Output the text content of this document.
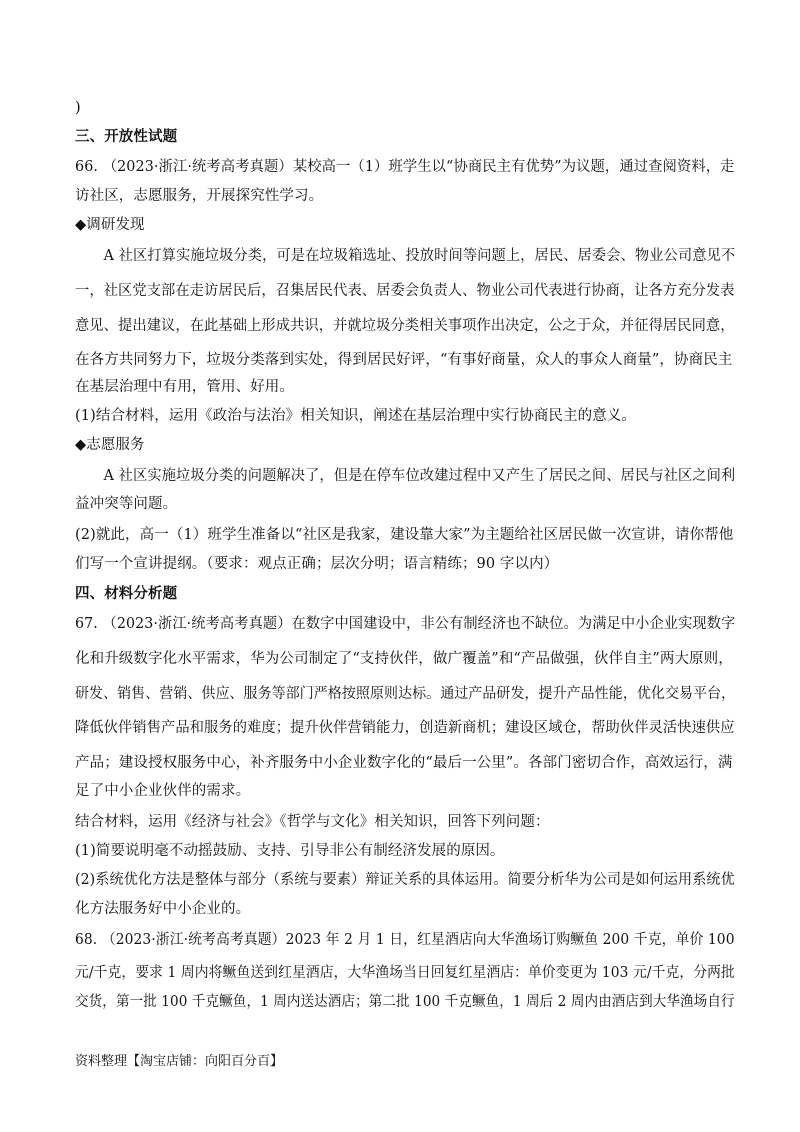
)
三、开放性试题
66. （2023·浙江·统考高考真题）某校高一（1）班学生以“协商民主有优势”为议题，通过查阅资料，走
访社区，志愿服务，开展探究性学习。
◆调研发现
　　A 社区打算实施垃圾分类，可是在垃圾箱选址、投放时间等问题上，居民、居委会、物业公司意见不
一，社区党支部在走访居民后，召集居民代表、居委会负责人、物业公司代表进行协商，让各方充分发表
意见、提出建议，在此基础上形成共识，并就垃圾分类相关事项作出决定，公之于众，并征得居民同意，
在各方共同努力下，垃圾分类落到实处，得到居民好评，“有事好商量，众人的事众人商量”，协商民主
在基层治理中有用，管用、好用。
(1)结合材料，运用《政治与法治》相关知识，阐述在基层治理中实行协商民主的意义。
◆志愿服务
　　A 社区实施垃圾分类的问题解决了，但是在停车位改建过程中又产生了居民之间、居民与社区之间利
益冲突等问题。
(2)就此，高一（1）班学生准备以“社区是我家，建设靠大家”为主题给社区居民做一次宣讲，请你帮他
们写一个宣讲提纲。（要求：观点正确；层次分明；语言精练；90 字以内）
四、材料分析题
67. （2023·浙江·统考高考真题）在数字中国建设中，非公有制经济也不缺位。为满足中小企业实现数字
化和升级数字化水平需求，华为公司制定了“支持伙伴，做广覆盖”和“产品做强，伙伴自主”两大原则，
研发、销售、营销、供应、服务等部门严格按照原则达标。通过产品研发，提升产品性能，优化交易平台，
降低伙伴销售产品和服务的难度；提升伙伴营销能力，创造新商机；建设区域仓，帮助伙伴灵活快速供应
产品；建设授权服务中心，补齐服务中小企业数字化的“最后一公里”。各部门密切合作，高效运行，满
足了中小企业伙伴的需求。
结合材料，运用《经济与社会》《哲学与文化》相关知识，回答下列问题：
(1)简要说明毫不动摇鼓励、支持、引导非公有制经济发展的原因。
(2)系统优化方法是整体与部分（系统与要素）辩证关系的具体运用。简要分析华为公司是如何运用系统优
化方法服务好中小企业的。
68. （2023·浙江·统考高考真题）2023 年 2 月 1 日，红星酒店向大华渔场订购鳜鱼 200 千克，单价 100
元/千克，要求 1 周内将鳜鱼送到红星酒店，大华渔场当日回复红星酒店：单价变更为 103 元/千克，分两批
交货，第一批 100 千克鳜鱼，1 周内送达酒店；第二批 100 千克鳜鱼，1 周后 2 周内由酒店到大华渔场自行
资料整理【淘宝店铺：向阳百分百】
